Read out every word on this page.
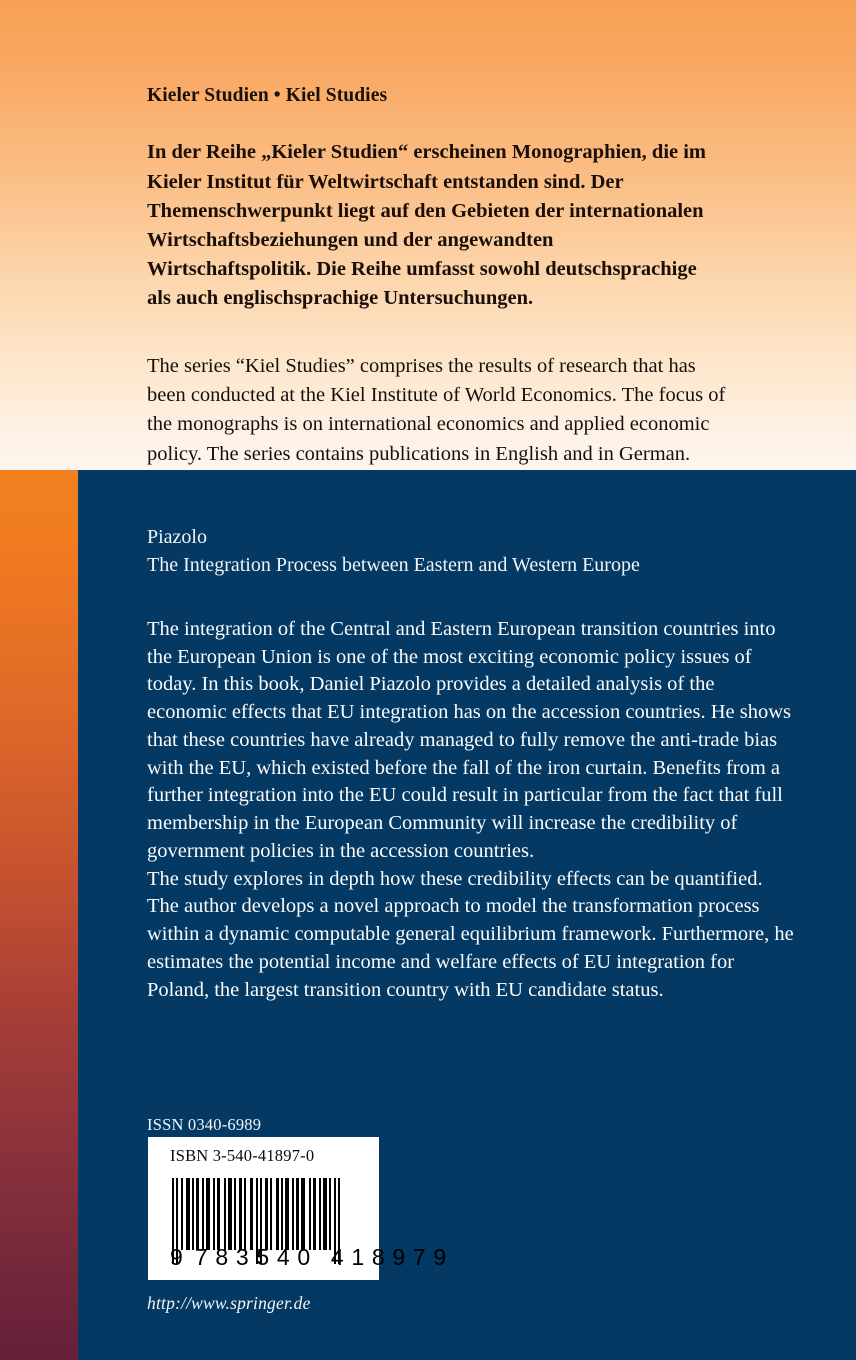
Kieler Studien • Kiel Studies

In der Reihe „Kieler Studien“ erscheinen Monographien, die im Kieler Institut für Weltwirtschaft entstanden sind. Der Themenschwerpunkt liegt auf den Gebieten der internationalen Wirtschaftsbeziehungen und der angewandten Wirtschaftspolitik. Die Reihe umfasst sowohl deutschsprachige als auch englischsprachige Untersuchungen.

The series “Kiel Studies” comprises the results of research that has been conducted at the Kiel Institute of World Economics. The focus of the monographs is on international economics and applied economic policy. The series contains publications in English and in German.

Piazolo

The Integration Process between Eastern and Western Europe

The integration of the Central and Eastern European transition countries into the European Union is one of the most exciting economic policy issues of today. In this book, Daniel Piazolo provides a detailed analysis of the economic effects that EU integration has on the accession countries. He shows that these countries have already managed to fully remove the anti-trade bias with the EU, which existed before the fall of the iron curtain. Benefits from a further integration into the EU could result in particular from the fact that full membership in the European Community will increase the credibility of government policies in the accession countries.

The study explores in depth how these credibility effects can be quantified. The author develops a novel approach to model the transformation process within a dynamic computable general equilibrium framework. Furthermore, he estimates the potential income and welfare effects of EU integration for Poland, the largest transition country with EU candidate status.

ISSN 0340-6989
ISBN 3-540-41897-0
9 7 8 3 5 4 0 4 1 8 9 7 9
http://www.springer.de
